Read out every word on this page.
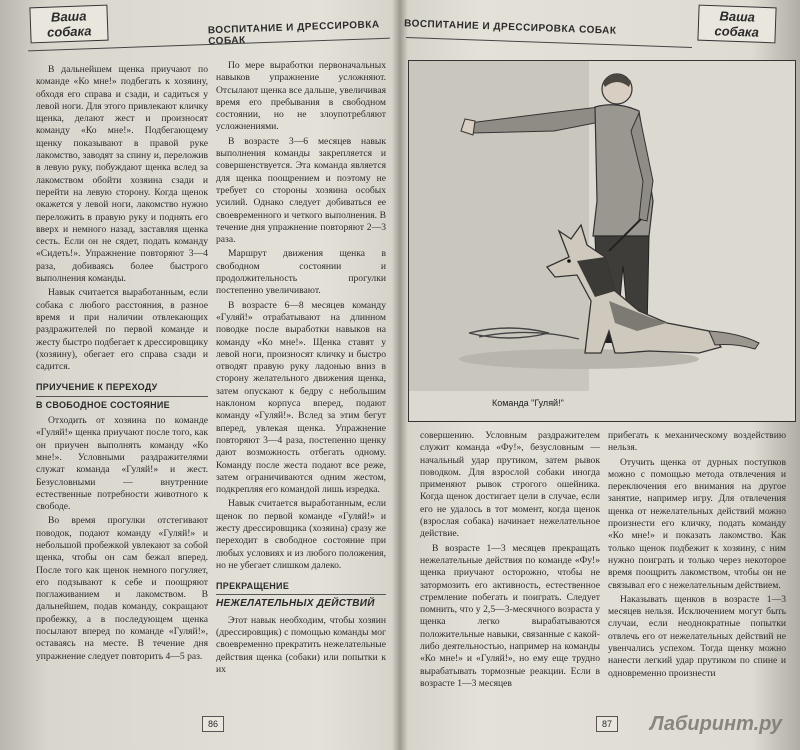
Ваша собака	ВОСПИТАНИЕ И ДРЕССИРОВКА СОБАК

В дальнейшем щенка приучают по команде «Ко мне!» подбегать к хозяину, обходя его справа и сзади, и садиться у левой ноги. Для этого привлекают кличку щенка, делают жест и произносят команду «Ко мне!». Подбегающему щенку показывают в правой руке лакомство, заводят за спину и, переложив в левую руку, побуждают щенка вслед за лакомством обойти хозяина сзади и перейти на левую сторону. Когда щенок окажется у левой ноги, лакомство нужно переложить в правую руку и поднять его вверх и немного назад, заставляя щенка сесть. Если он не сядет, подать команду «Сидеть!». Упражнение повторяют 3—4 раза, добиваясь более быстрого выполнения команды.

Навык считается выработанным, если собака с любого расстояния, в разное время и при наличии отвлекающих раздражителей по первой команде и жесту быстро подбегает к дрессировщику (хозяину), обегает его справа сзади и садится.

ПРИУЧЕНИЕ К ПЕРЕХОДУ
В СВОБОДНОЕ СОСТОЯНИЕ

Отходить от хозяина по команде «Гуляй!» щенка приучают после того, как он приучен выполнять команду «Ко мне!». Условными раздражителями служат команда «Гуляй!» и жест. Безусловными — внутренние естественные потребности животного к свободе.

Во время прогулки отстегивают поводок, подают команду «Гуляй!» и небольшой пробежкой увлекают за собой щенка, чтобы он сам бежал вперед. После того как щенок немного погуляет, его подзывают к себе и поощряют поглаживанием и лакомством. В дальнейшем, подав команду, сокращают пробежку, а в последующем щенка посылают вперед по команде «Гуляй!», оставаясь на месте. В течение дня упражнение следует повторить 4—5 раз.

По мере выработки первоначальных навыков упражнение усложняют. Отсылают щенка все дальше, увеличивая время его пребывания в свободном состоянии, но не злоупотребляют усложнениями.

В возрасте 3—6 месяцев навык выполнения команды закрепляется и совершенствуется. Эта команда является для щенка поощрением и поэтому не требует со стороны хозяина особых усилий. Однако следует добиваться ее своевременного и четкого выполнения. В течение дня упражнение повторяют 2—3 раза.

Маршрут движения щенка в свободном состоянии и продолжительность прогулки постепенно увеличивают.

В возрасте 6—8 месяцев команду «Гуляй!» отрабатывают на длинном поводке после выработки навыков на команду «Ко мне!». Щенка ставят у левой ноги, произносят кличку и быстро отводят правую руку ладонью вниз в сторону желательного движения щенка, затем опускают к бедру с небольшим наклоном корпуса вперед, подают команду «Гуляй!». Вслед за этим бегут вперед, увлекая щенка. Упражнение повторяют 3—4 раза, постепенно щенку дают возможность отбегать одному. Команду после жеста подают все реже, затем ограничиваются одним жестом, подкрепляя его командой лишь изредка.

Навык считается выработанным, если щенок по первой команде «Гуляй!» и жесту дрессировщика (хозяина) сразу же переходит в свободное состояние при любых условиях и из любого положения, но не убегает слишком далеко.

ПРЕКРАЩЕНИЕ
НЕЖЕЛАТЕЛЬНЫХ ДЕЙСТВИЙ

Этот навык необходим, чтобы хозяин (дрессировщик) с помощью команды мог своевременно прекратить нежелательные действия щенка (собаки) или попытки к их

86
ВОСПИТАНИЕ И ДРЕССИРОВКА СОБАК
Ваша собака
Команда "Гуляй!"

совершению. Условным раздражителем служит команда «Фу!», безусловным — начальный удар прутиком, затем рывок поводком. Для взрослой собаки иногда применяют рывок строгого ошейника. Когда щенок достигает цели в случае, если его не удалось в тот момент, когда щенок (взрослая собака) начинает нежелательное действие.

В возрасте 1—3 месяцев прекращать нежелательные действия по команде «Фу!» щенка приучают осторожно, чтобы не затормозить его активность, естественное стремление побегать и поиграть. Следует помнить, что у 2,5—3-месячного возраста у щенка легко вырабатываются положительные навыки, связанные с какой-либо деятельностью, например на команды «Ко мне!» и «Гуляй!», но ему еще трудно вырабатывать тормозные реакции. Если в возрасте 1—3 месяцев

прибегать к механическому воздействию нельзя.

Отучить щенка от дурных поступков можно с помощью метода отвлечения и переключения его внимания на другое занятие, например игру. Для отвлечения щенка от нежелательных действий можно произнести его кличку, подать команду «Ко мне!» и показать лакомство. Как только щенок подбежит к хозяину, с ним нужно поиграть и только через некоторое время поощрить лакомством, чтобы он не связывал его с нежелательным действием.

Наказывать щенков в возрасте 1—3 месяцев нельзя. Исключением могут быть случаи, если неоднократные попытки отвлечь его от нежелательных действий не увенчались успехом. Тогда щенку можно нанести легкий удар прутиком по спине и одновременно произнести

87	Лабиринт.ру
